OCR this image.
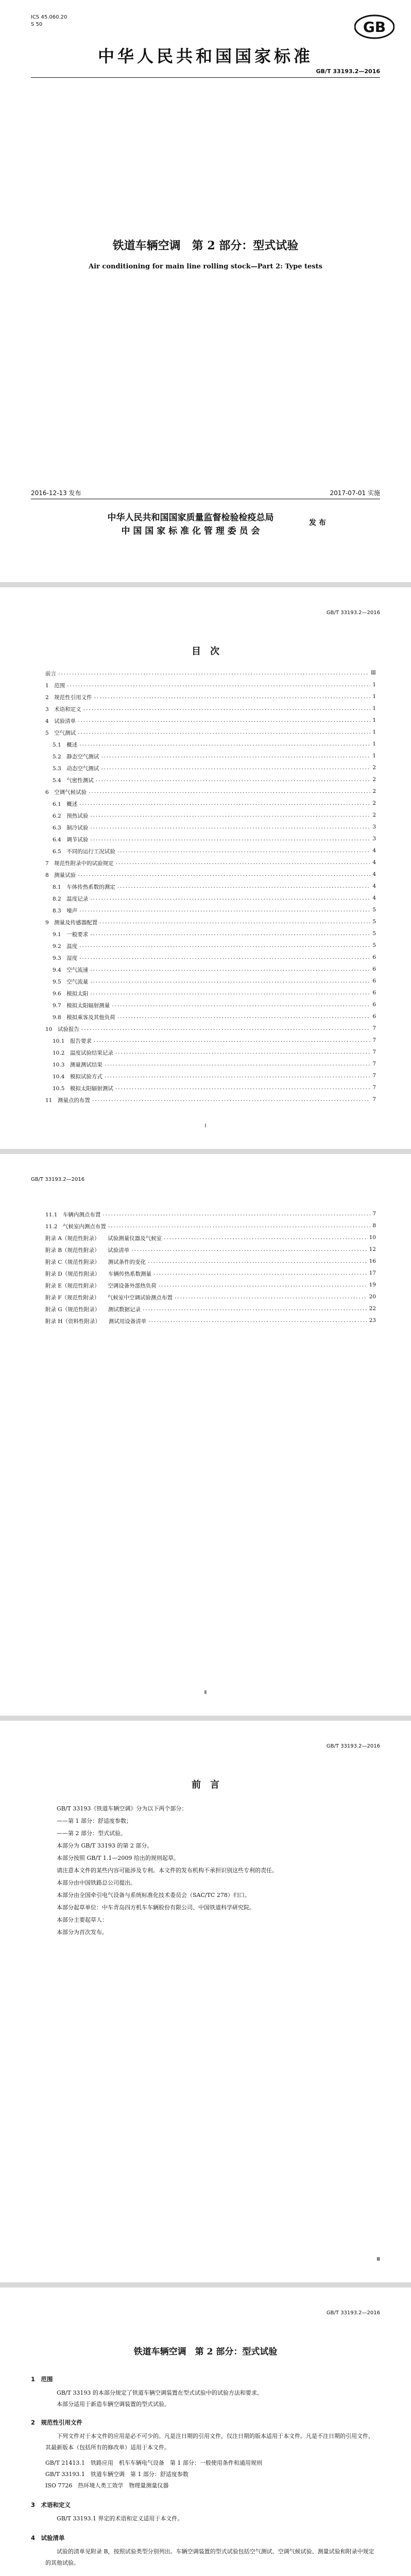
ICS 45.060.20
S 50	GB
中华人民共和国国家标准
GB/T 33193.2—2016
铁道车辆空调　第 2 部分：型式试验
Air conditioning for main line rolling stock—Part 2: Type tests
2016-12-13 发布	2017-07-01 实施
中华人民共和国国家质量监督检验检疫总局
中 国 国 家 标 准 化 管 理 委 员 会
发 布
GB/T 33193.2—2016
目　次
Ⅰ
前言 .....	Ⅲ
1　范围 .....	1
2　规范性引用文件 .....	1
3　术语和定义 .....	1
4　试验清单 .....	1
5　空气测试 .....	1
5.1　概述 .....	1
5.2　静态空气测试 .....	1
5.3　动态空气测试 .....	2
5.4　气密性测试 .....	2
6　空调气候试验 .....	2
6.1　概述 .....	2
6.2　预热试验 .....	2
6.3　制冷试验 .....	3
6.4　调节试验 .....	3
6.5　不同的运行工况试验 .....	4
7　规范性附录中的试验规定 .....	4
8　测量试验 .....	4
8.1　车体传热系数的测定 .....	4
8.2　温度记录 .....	4
8.3　噪声 .....	5
9　测量及传感器配置 .....	5
9.1　一般要求 .....	5
9.2　温度 .....	5
9.3　湿度 .....	6
9.4　空气流速 .....	6
9.5　空气流量 .....	6
9.6　模拟太阳 .....	6
9.7　模拟太阳辐射测量 .....	6
9.8　模拟乘客及其他负荷 .....	6
10　试验报告 .....	7
10.1　报告要求 .....	7
10.2　温度试验结果记录 .....	7
10.3　测量测试结果 .....	7
10.4　模拟试验方式 .....	7
10.5　模拟太阳辐射测试 .....	7
11　测量点的布置 .....	7
GB/T 33193.2—2016
Ⅱ
11.1　车辆内测点布置 .....	7
11.2　气候室内测点布置 .....	8
附录 A（规范性附录）　　试验测量仪器及气候室 .....	10
附录 B（规范性附录）　　试验清单 .....	12
附录 C（规范性附录）　　测试条件的变化 .....	16
附录 D（规范性附录）　　车辆传热系数测量 .....	17
附录 E（规范性附录）　　空调设备外部热负荷 .....	19
附录 F（规范性附录）　　气候室中空调试验测点布置 .....	20
附录 G（规范性附录）　　测试数据记录 .....	22
附录 H（资料性附录）　　测试用设备清单 .....	23
GB/T 33193.2—2016
前　言
Ⅲ
GB/T 33193《铁道车辆空调》分为以下两个部分：
——第 1 部分：舒适度参数；
——第 2 部分：型式试验。
本部分为 GB/T 33193 的第 2 部分。
本部分按照 GB/T 1.1—2009 给出的规则起草。
请注意本文件的某些内容可能涉及专利。本文件的发布机构不承担识别这些专利的责任。
本部分由中国铁路总公司提出。
本部分由全国牵引电气设备与系统标准化技术委员会（SAC/TC 278）归口。
本部分起草单位：中车青岛四方机车车辆股份有限公司、中国铁道科学研究院。
本部分主要起草人：
本部分为首次发布。
GB/T 33193.2—2016
铁道车辆空调　第 2 部分：型式试验
1　范围
GB/T 33193 的本部分规定了铁道车辆空调装置在型式试验中的试验方法和要求。
本部分适用于新造车辆空调装置的型式试验。
2　规范性引用文件
下列文件对于本文件的应用是必不可少的。凡是注日期的引用文件，仅注日期的版本适用于本文件。凡是不注日期的引用文件，其最新版本（包括所有的修改单）适用于本文件。
GB/T 21413.1　铁路应用　机车车辆电气设备　第 1 部分：一般使用条件和通用规则
GB/T 33193.1　铁道车辆空调　第 1 部分：舒适度参数
ISO 7726　热环境人类工效学　物理量测量仪器
3　术语和定义
GB/T 33193.1 界定的术语和定义适用于本文件。
4　试验清单
试验的清单见附录 B，按照试验类型分别列出。车辆空调装置的型式试验包括空气测试、空调气候试验、测量试验和附录中规定的其他试验。
